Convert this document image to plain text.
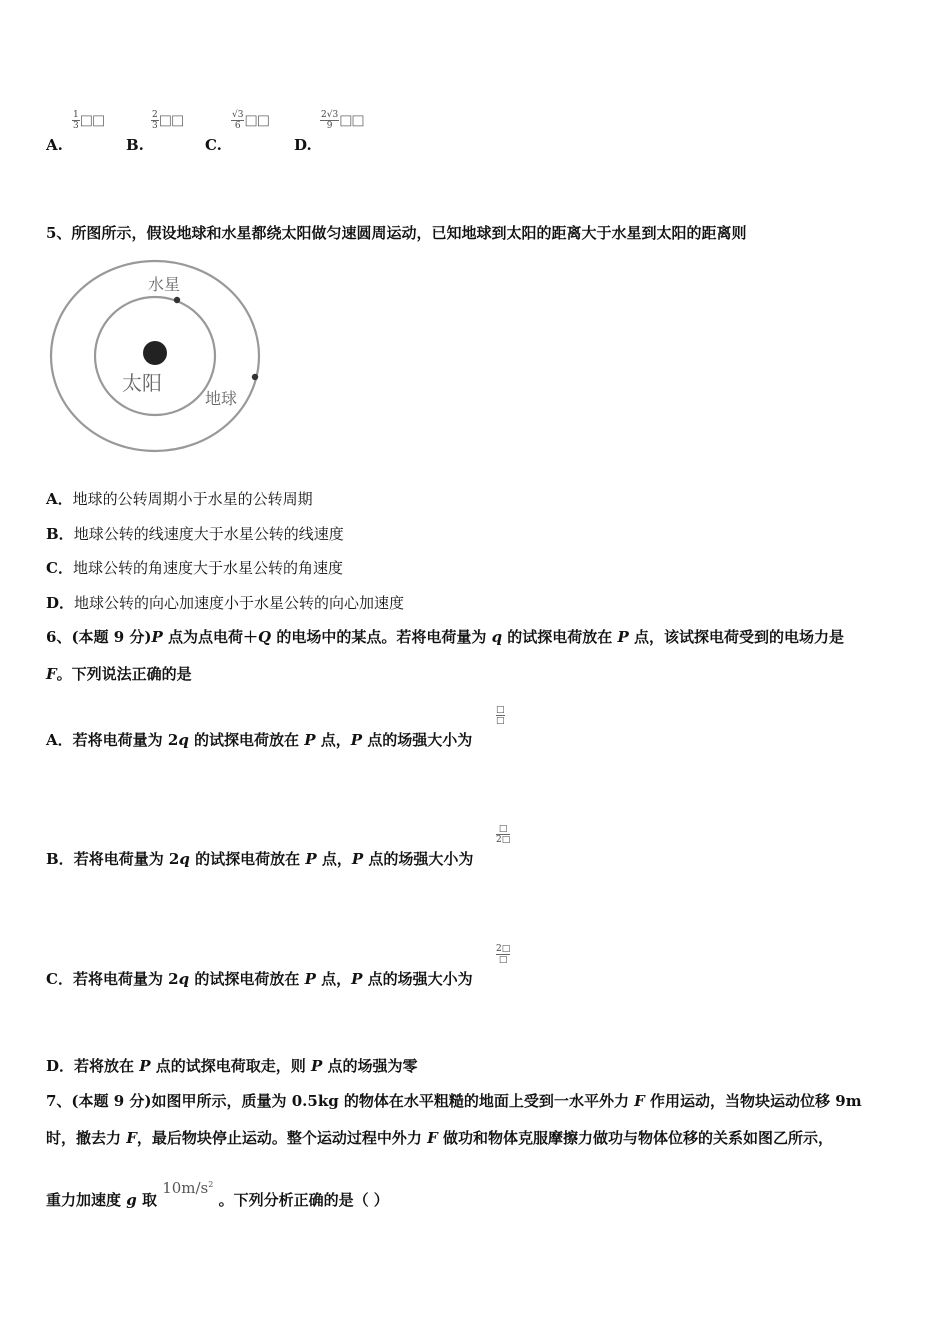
A.
$\frac{1}{3}$ □□
B.
$\frac{2}{3}$ □□
C.
$\frac{√3}{6}$ □□
D.
$\frac{2√3}{9}$ □□
5、所图所示，假设地球和水星都绕太阳做匀速圆周运动，已知地球到太阳的距离大于水星到太阳的距离则
水星
太阳
地球
A．地球的公转周期小于水星的公转周期
B．地球公转的线速度大于水星公转的线速度
C．地球公转的角速度大于水星公转的角速度
D．地球公转的向心加速度小于水星公转的向心加速度
6、(本题 9 分)P 点为点电荷＋Q 的电场中的某点。若将电荷量为 q 的试探电荷放在 P 点，该试探电荷受到的电场力是
F。下列说法正确的是
A．若将电荷量为 2q 的试探电荷放在 P 点，P 点的场强大小为
□
□
B．若将电荷量为 2q 的试探电荷放在 P 点，P 点的场强大小为
□
2□
C．若将电荷量为 2q 的试探电荷放在 P 点，P 点的场强大小为
2□
□
D．若将放在 P 点的试探电荷取走，则 P 点的场强为零
7、(本题 9 分)如图甲所示，质量为 0.5kg 的物体在水平粗糙的地面上受到一水平外力 F 作用运动，当物块运动位移 9m
时，撤去力 F，最后物块停止运动。整个运动过程中外力 F 做功和物体克服摩擦力做功与物体位移的关系如图乙所示，
重力加速度 g 取 $10m/s^2$ 。下列分析正确的是（ ）
